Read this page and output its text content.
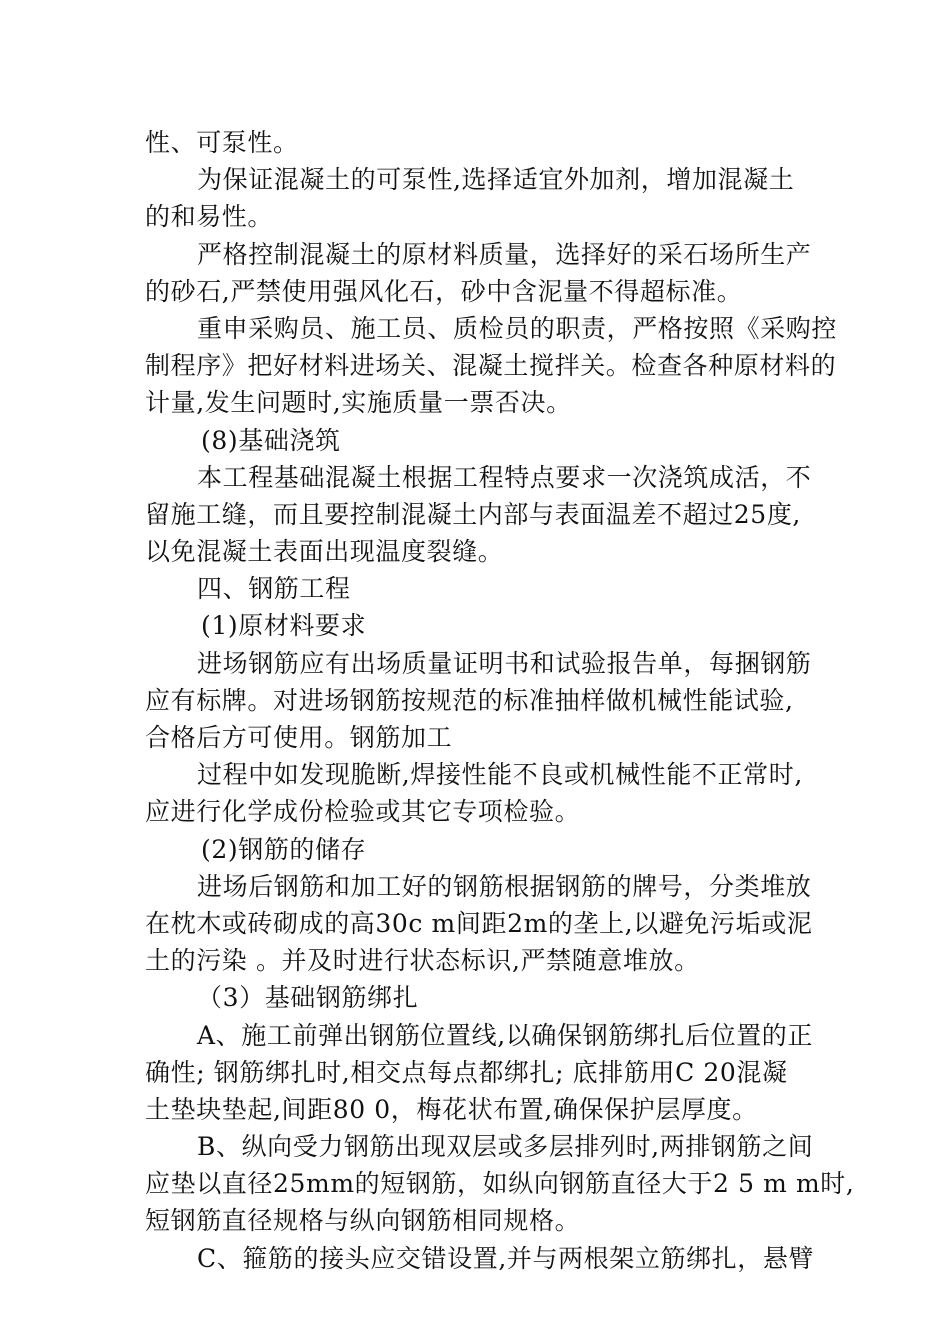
性、可泵性。
为保证混凝土的可泵性,选择适宜外加剂，增加混凝土
的和易性。
严格控制混凝土的原材料质量，选择好的采石场所生产
的砂石,严禁使用强风化石，砂中含泥量不得超标准。
重申采购员、施工员、质检员的职责，严格按照《采购控
制程序》把好材料进场关、混凝土搅拌关。检查各种原材料的
计量,发生问题时,实施质量一票否决。
(8)基础浇筑
本工程基础混凝土根据工程特点要求一次浇筑成活，不
留施工缝，而且要控制混凝土内部与表面温差不超过25度,
以免混凝土表面出现温度裂缝。
四、钢筋工程
(1)原材料要求
进场钢筋应有出场质量证明书和试验报告单，每捆钢筋
应有标牌。对进场钢筋按规范的标准抽样做机械性能试验,
合格后方可使用。钢筋加工
过程中如发现脆断,焊接性能不良或机械性能不正常时,
应进行化学成份检验或其它专项检验。
(2)钢筋的储存
进场后钢筋和加工好的钢筋根据钢筋的牌号，分类堆放
在枕木或砖砌成的高30c m间距2m的垄上,以避免污垢或泥
土的污染 。并及时进行状态标识,严禁随意堆放。
（3）基础钢筋绑扎
A、施工前弹出钢筋位置线,以确保钢筋绑扎后位置的正
确性; 钢筋绑扎时,相交点每点都绑扎; 底排筋用C 20混凝
土垫块垫起,间距80 0，梅花状布置,确保保护层厚度。
B、纵向受力钢筋出现双层或多层排列时,两排钢筋之间
应垫以直径25mm的短钢筋，如纵向钢筋直径大于2 5 m m时,
短钢筋直径规格与纵向钢筋相同规格。
C、箍筋的接头应交错设置,并与两根架立筋绑扎，悬臂
